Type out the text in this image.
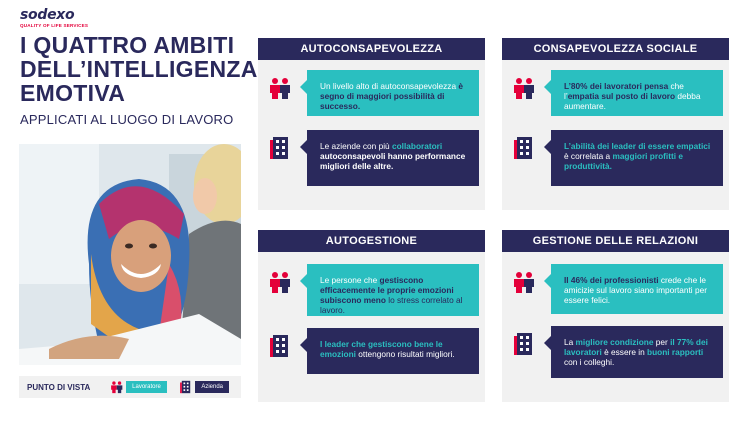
sodexo
QUALITY OF LIFE SERVICES
I QUATTRO AMBITI DELL’INTELLIGENZA EMOTIVA
APPLICATI AL LUOGO DI LAVORO
PUNTO DI VISTA	Lavoratore	Azienda
AUTOCONSAPEVOLEZZA
Un livello alto di autoconsapevolezza è segno di maggiori possibilità di successo.
Le aziende con più collaboratori autoconsapevoli hanno performance migliori delle altre.
CONSAPEVOLEZZA SOCIALE
L’80% dei lavoratori pensa che l’empatia sul posto di lavoro debba aumentare.
L’abilità dei leader di essere empatici è correlata a maggiori profitti e produttività.
AUTOGESTIONE
Le persone che gestiscono efficacemente le proprie emozioni subiscono meno lo stress correlato al lavoro.
I leader che gestiscono bene le emozioni ottengono risultati migliori.
GESTIONE DELLE RELAZIONI
Il 46% dei professionisti crede che le amicizie sul lavoro siano importanti per essere felici.
La migliore condizione per il 77% dei lavoratori è essere in buoni rapporti con i colleghi.
